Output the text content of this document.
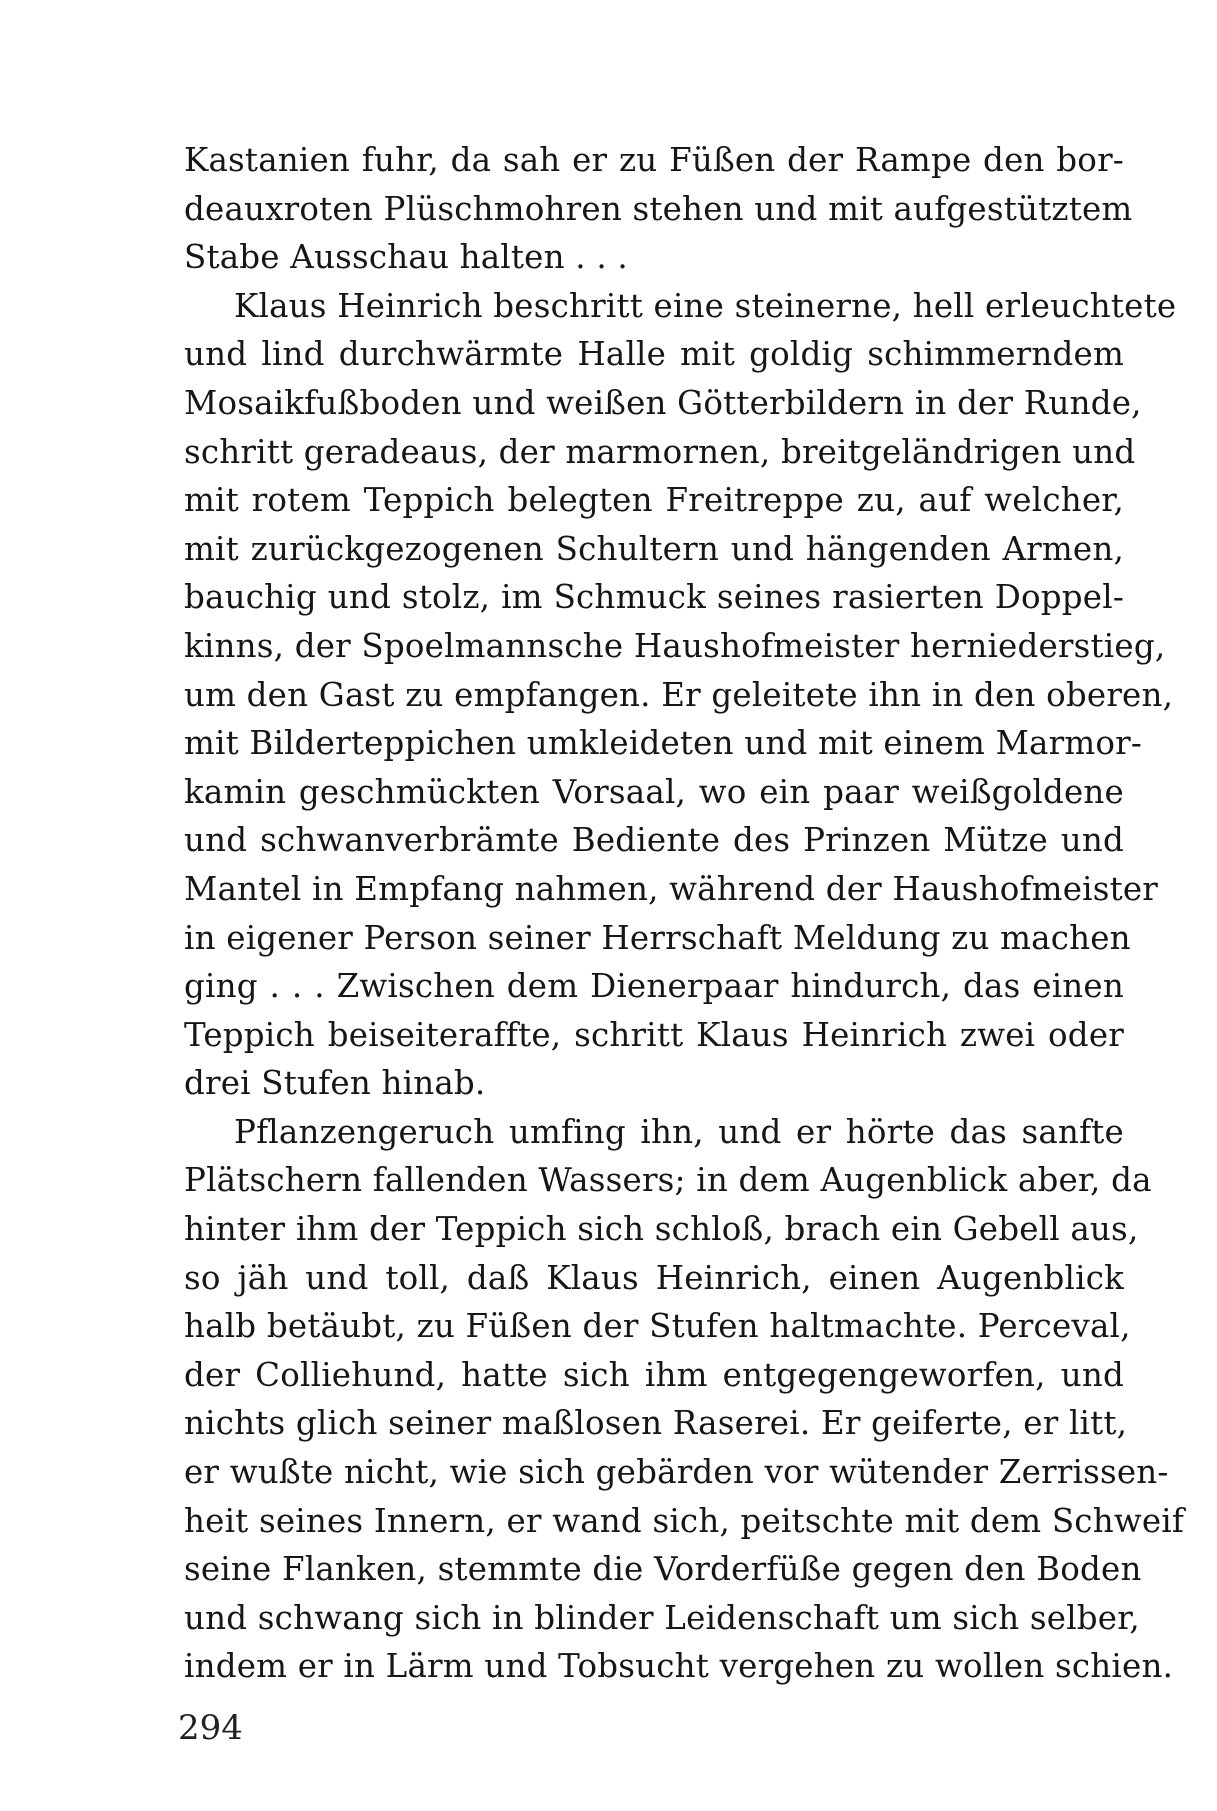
Kastanien fuhr, da sah er zu Füßen der Rampe den bor-
deauxroten Plüschmohren stehen und mit aufgestütztem
Stabe Ausschau halten . . .
Klaus Heinrich beschritt eine steinerne, hell erleuchtete
und lind durchwärmte Halle mit goldig schimmerndem
Mosaikfußboden und weißen Götterbildern in der Runde,
schritt geradeaus, der marmornen, breitgeländrigen und
mit rotem Teppich belegten Freitreppe zu, auf welcher,
mit zurückgezogenen Schultern und hängenden Armen,
bauchig und stolz, im Schmuck seines rasierten Doppel-
kinns, der Spoelmannsche Haushofmeister herniederstieg,
um den Gast zu empfangen. Er geleitete ihn in den oberen,
mit Bilderteppichen umkleideten und mit einem Marmor-
kamin geschmückten Vorsaal, wo ein paar weißgoldene
und schwanverbrämte Bediente des Prinzen Mütze und
Mantel in Empfang nahmen, während der Haushofmeister
in eigener Person seiner Herrschaft Meldung zu machen
ging . . . Zwischen dem Dienerpaar hindurch, das einen
Teppich beiseiteraffte, schritt Klaus Heinrich zwei oder
drei Stufen hinab.
Pflanzengeruch umfing ihn, und er hörte das sanfte
Plätschern fallenden Wassers; in dem Augenblick aber, da
hinter ihm der Teppich sich schloß, brach ein Gebell aus,
so jäh und toll, daß Klaus Heinrich, einen Augenblick
halb betäubt, zu Füßen der Stufen haltmachte. Perceval,
der Colliehund, hatte sich ihm entgegengeworfen, und
nichts glich seiner maßlosen Raserei. Er geiferte, er litt,
er wußte nicht, wie sich gebärden vor wütender Zerrissen-
heit seines Innern, er wand sich, peitschte mit dem Schweif
seine Flanken, stemmte die Vorderfüße gegen den Boden
und schwang sich in blinder Leidenschaft um sich selber,
indem er in Lärm und Tobsucht vergehen zu wollen schien.
294
